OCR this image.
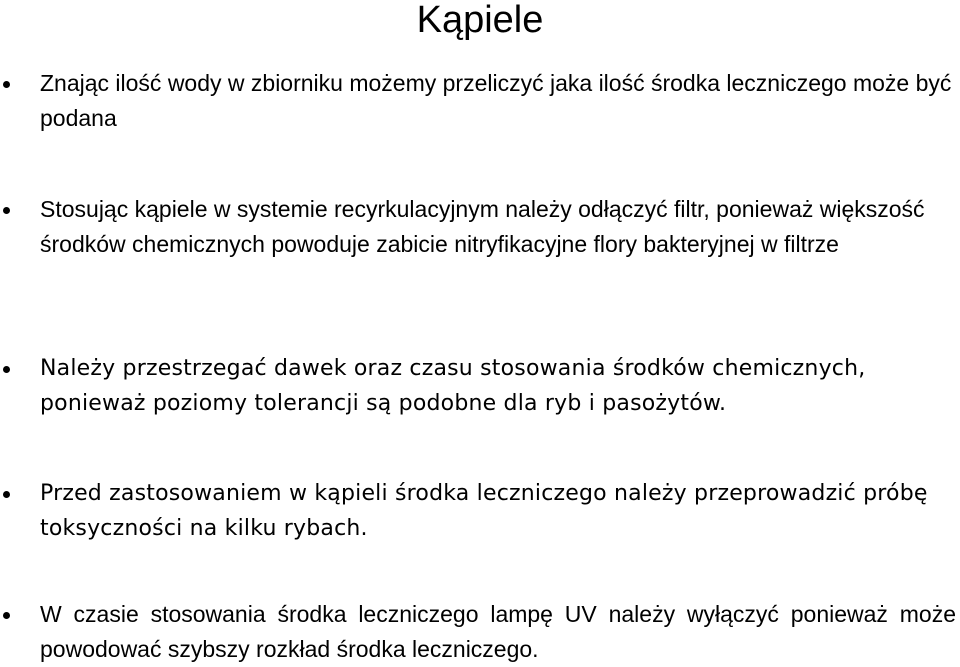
Kąpiele
Znając ilość wody w zbiorniku możemy przeliczyć jaka ilość środka leczniczego może być podana
Stosując kąpiele w systemie recyrkulacyjnym należy odłączyć filtr, ponieważ większość środków chemicznych powoduje zabicie nitryfikacyjne flory bakteryjnej w filtrze
Należy przestrzegać dawek oraz czasu stosowania środków chemicznych, ponieważ poziomy tolerancji są podobne dla ryb i pasożytów.
Przed zastosowaniem w kąpieli środka leczniczego należy przeprowadzić próbę toksyczności na kilku rybach.
W czasie stosowania środka leczniczego lampę UV należy wyłączyć ponieważ może powodować szybszy rozkład środka leczniczego.
